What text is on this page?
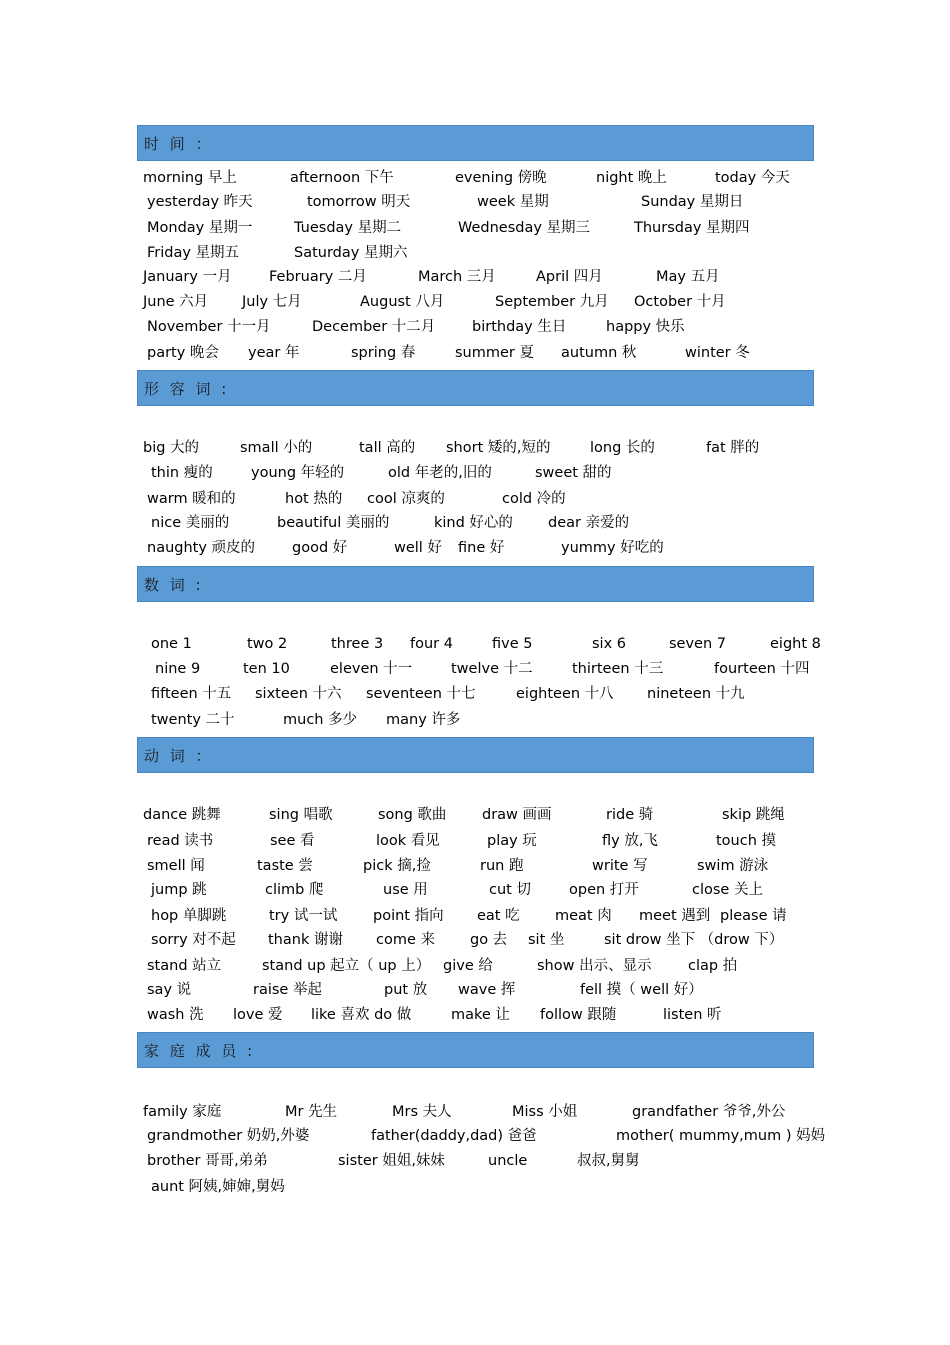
时 间 ：
morning 早上	afternoon 下午	evening 傍晚	night 晚上	today 今天
yesterday 昨天	tomorrow 明天	week 星期	Sunday 星期日
Monday 星期一	Tuesday 星期二	Wednesday 星期三	Thursday 星期四
Friday 星期五	Saturday 星期六
January 一月	February 二月	March 三月	April 四月	May 五月
June 六月 July 七月	August 八月	September 九月 October 十月
November 十一月	December 十二月	birthday 生日	happy 快乐
party 晚会 year 年	spring 春	summer 夏 autumn 秋	winter 冬
形 容 词 :
big 大的	small 小的	tall 高的 short 矮的,短的	long 长的	fat 胖的
thin 瘦的	young 年轻的	old 年老的,旧的	sweet 甜的
warm 暖和的	hot 热的 cool 凉爽的	cold 冷的
nice 美丽的	beautiful 美丽的	kind 好心的 dear 亲爱的
naughty 顽皮的	good 好	well 好 fine 好	yummy 好吃的
数 词 :
one 1	two 2	three 3 four 4	five 5	six 6	seven 7	eight 8
nine 9	ten 10	eleven 十一	twelve 十二	thirteen 十三	fourteen 十四
fifteen 十五 sixteen 十六 seventeen 十七	eighteen 十八 nineteen 十九
twenty 二十	much 多少 many 许多
动 词 ：
dance 跳舞	sing 唱歌	song 歌曲 draw 画画	ride 骑	skip 跳绳
read 读书	see 看	look 看见	play 玩	fly 放,飞	touch 摸
smell 闻	taste 尝	pick 摘,捡	run 跑	write 写	swim 游泳
jump 跳	climb 爬	use 用	cut 切	open 打开	close 关上
hop 单脚跳	try 试一试 point 指向 eat 吃 meat 肉 meet 遇到 please 请
sorry 对不起 thank 谢谢 come 来 go 去 sit 坐	sit drow 坐下 （drow 下）
stand 站立	stand up 起立（ up 上） give 给	show 出示、显示	clap 拍
say 说	raise 举起	put 放 wave 挥	fell 摸（ well 好）
wash 洗 love 爱 like 喜欢 do 做	make 让 follow 跟随	listen 听
家 庭 成 员 :
family 家庭	Mr 先生	Mrs 夫人	Miss 小姐	grandfather 爷爷,外公
grandmother 奶奶,外婆	father(daddy,dad) 爸爸	mother( mummy,mum ) 妈妈
brother 哥哥,弟弟	sister 姐姐,妹妹	uncle	叔叔,舅舅
aunt 阿姨,婶婶,舅妈
